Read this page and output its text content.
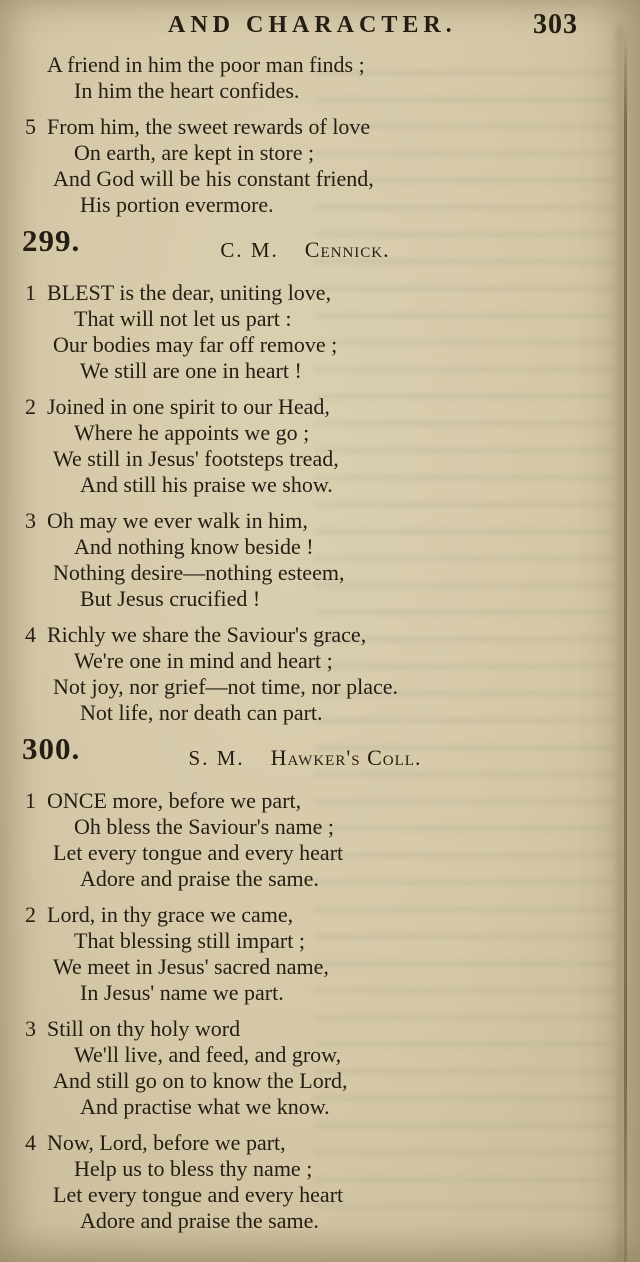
AND CHARACTER.	303
A friend in him the poor man finds ;
In him the heart confides.
5 From him, the sweet rewards of love
On earth, are kept in store ;
And God will be his constant friend,
His portion evermore.
299.	C. M. Cennick.
1 BLEST is the dear, uniting love,
That will not let us part :
Our bodies may far off remove ;
We still are one in heart !
2 Joined in one spirit to our Head,
Where he appoints we go ;
We still in Jesus' footsteps tread,
And still his praise we show.
3 Oh may we ever walk in him,
And nothing know beside !
Nothing desire—nothing esteem,
But Jesus crucified !
4 Richly we share the Saviour's grace,
We're one in mind and heart ;
Not joy, nor grief—not time, nor place.
Not life, nor death can part.
300.	S. M. Hawker's Coll.
1 ONCE more, before we part,
Oh bless the Saviour's name ;
Let every tongue and every heart
Adore and praise the same.
2 Lord, in thy grace we came,
That blessing still impart ;
We meet in Jesus' sacred name,
In Jesus' name we part.
3 Still on thy holy word
We'll live, and feed, and grow,
And still go on to know the Lord,
And practise what we know.
4 Now, Lord, before we part,
Help us to bless thy name ;
Let every tongue and every heart
Adore and praise the same.
